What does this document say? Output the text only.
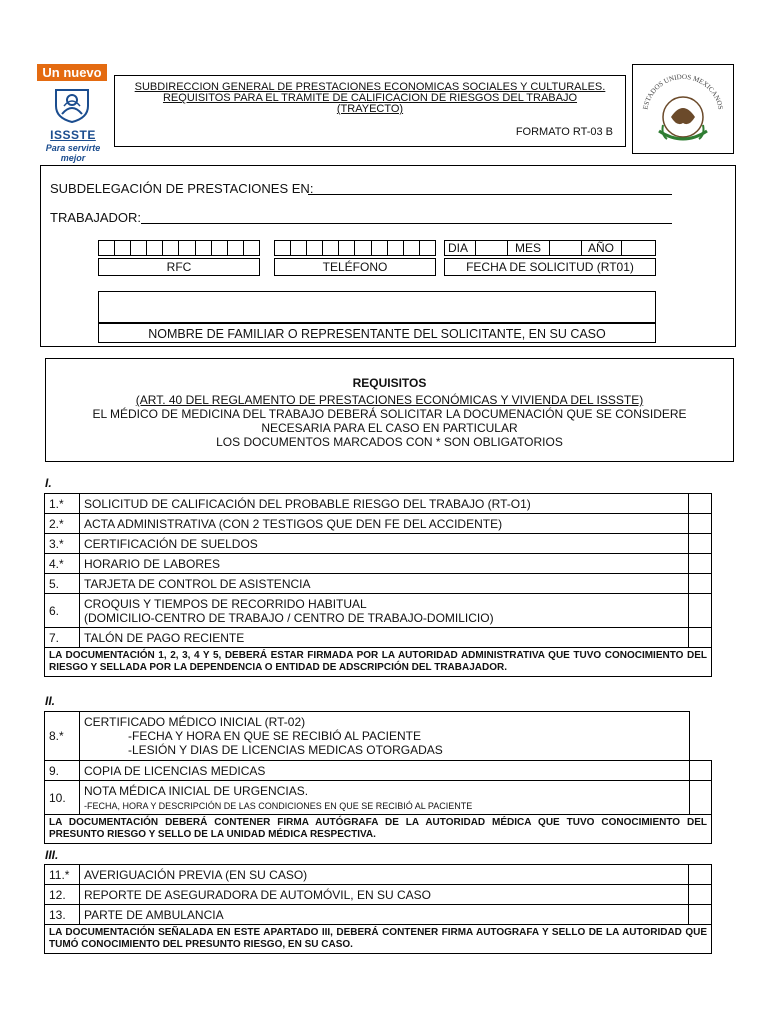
Un nuevo
ISSSTE
Para servirte mejor
SUBDIRECCION GENERAL DE PRESTACIONES ECONOMICAS SOCIALES Y CULTURALES.
REQUISITOS PARA EL TRAMITE DE CALIFICACION DE RIESGOS DEL TRABAJO
(TRAYECTO)
FORMATO RT-03 B
ESTADOS UNIDOS MEXICANOS
SUBDELEGACIÓN DE PRESTACIONES EN:
TRABAJADOR:
RFC	TELÉFONO
DIA	MES	AÑO
FECHA DE SOLICITUD (RT01)
NOMBRE DE FAMILIAR O REPRESENTANTE DEL SOLICITANTE, EN SU CASO
REQUISITOS
(ART. 40 DEL REGLAMENTO DE PRESTACIONES ECONÓMICAS Y VIVIENDA DEL ISSSTE)
EL MÉDICO DE MEDICINA DEL TRABAJO DEBERÁ SOLICITAR LA DOCUMENACIÓN QUE SE CONSIDERE
NECESARIA PARA EL CASO EN PARTICULAR
LOS DOCUMENTOS MARCADOS CON * SON OBLIGATORIOS
I.
1.*	SOLICITUD DE CALIFICACIÓN DEL PROBABLE RIESGO DEL TRABAJO (RT-O1)	
2.*	ACTA ADMINISTRATIVA (CON 2 TESTIGOS QUE DEN FE DEL ACCIDENTE)	
3.*	CERTIFICACIÓN DE SUELDOS	
4.*	HORARIO DE LABORES	
5.	TARJETA DE CONTROL DE ASISTENCIA	
6.	CROQUIS Y TIEMPOS DE RECORRIDO HABITUAL
(DOMICILIO-CENTRO DE TRABAJO / CENTRO DE TRABAJO-DOMILICIO)	
7.	TALÓN DE PAGO RECIENTE	
LA DOCUMENTACIÓN 1, 2, 3, 4 Y 5, DEBERÁ ESTAR FIRMADA POR LA AUTORIDAD ADMINISTRATIVA QUE TUVO CONOCIMIENTO DEL RIESGO Y SELLADA POR LA DEPENDENCIA O ENTIDAD DE ADSCRIPCIÓN DEL TRABAJADOR.		
II.
8.*	CERTIFICADO MÉDICO INICIAL (RT-02)
-FECHA Y HORA EN QUE SE RECIBIÓ AL PACIENTE
-LESIÓN Y DIAS DE LICENCIAS MEDICAS OTORGADAS	

9.	COPIA DE LICENCIAS MEDICAS	
10.	NOTA MÉDICA INICIAL DE URGENCIAS.
-FECHA, HORA Y DESCRIPCIÓN DE LAS CONDICIONES EN QUE SE RECIBIÓ AL PACIENTE	
LA DOCUMENTACIÓN DEBERÁ CONTENER FIRMA AUTÓGRAFA DE LA AUTORIDAD MÉDICA QUE TUVO CONOCIMIENTO DEL PRESUNTO RIESGO Y SELLO DE LA UNIDAD MÉDICA RESPECTIVA.		
III.
11.*	AVERIGUACIÓN PREVIA (EN SU CASO)	
12.	REPORTE DE ASEGURADORA DE AUTOMÓVIL, EN SU CASO	
13.	PARTE DE AMBULANCIA	
LA DOCUMENTACIÓN SEÑALADA EN ESTE APARTADO III, DEBERÁ CONTENER FIRMA AUTOGRAFA Y SELLO DE LA AUTORIDAD QUE TUMÓ CONOCIMIENTO DEL PRESUNTO RIESGO, EN SU CASO.		
